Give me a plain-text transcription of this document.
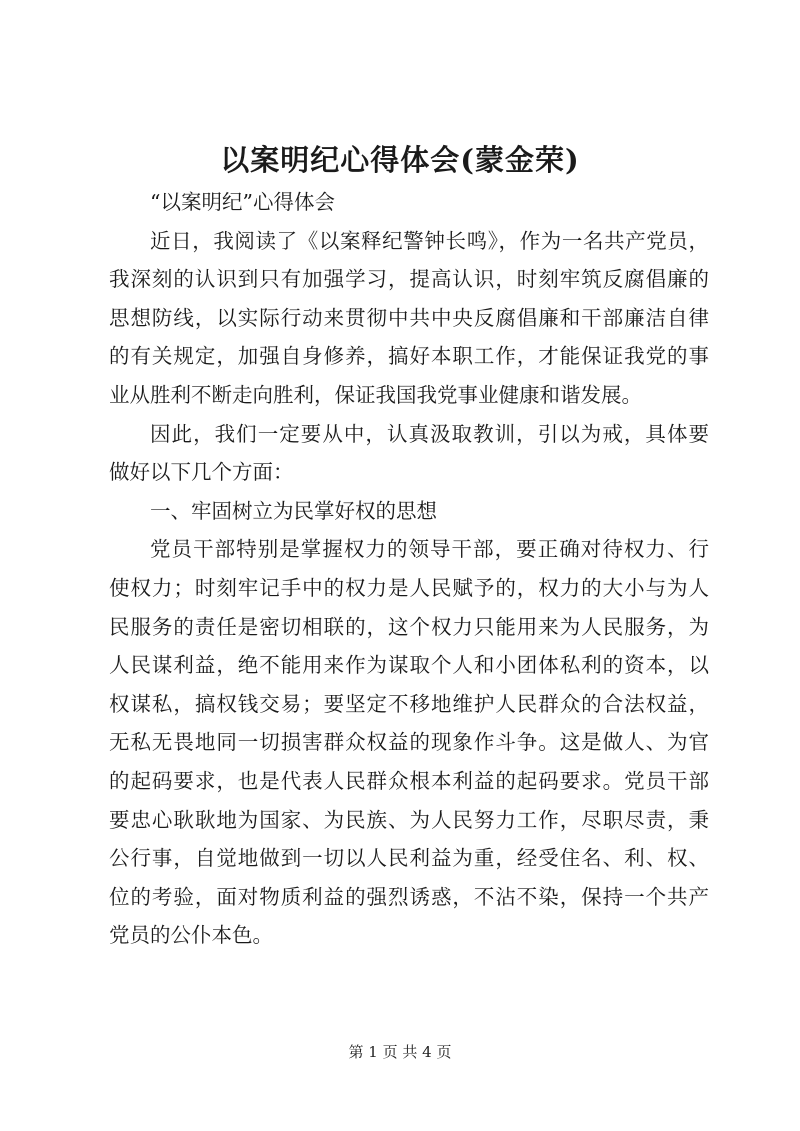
以案明纪心得体会(蒙金荣)
“以案明纪”心得体会
近日，我阅读了《以案释纪警钟长鸣》，作为一名共产党员，
我深刻的认识到只有加强学习，提高认识，时刻牢筑反腐倡廉的
思想防线，以实际行动来贯彻中共中央反腐倡廉和干部廉洁自律
的有关规定，加强自身修养，搞好本职工作，才能保证我党的事
业从胜利不断走向胜利，保证我国我党事业健康和谐发展。
因此，我们一定要从中，认真汲取教训，引以为戒，具体要
做好以下几个方面：
一、牢固树立为民掌好权的思想
党员干部特别是掌握权力的领导干部，要正确对待权力、行
使权力；时刻牢记手中的权力是人民赋予的，权力的大小与为人
民服务的责任是密切相联的，这个权力只能用来为人民服务，为
人民谋利益，绝不能用来作为谋取个人和小团体私利的资本，以
权谋私，搞权钱交易；要坚定不移地维护人民群众的合法权益，
无私无畏地同一切损害群众权益的现象作斗争。这是做人、为官
的起码要求，也是代表人民群众根本利益的起码要求。党员干部
要忠心耿耿地为国家、为民族、为人民努力工作，尽职尽责，秉
公行事，自觉地做到一切以人民利益为重，经受住名、利、权、
位的考验，面对物质利益的强烈诱惑，不沾不染，保持一个共产
党员的公仆本色。
第 1 页 共 4 页
